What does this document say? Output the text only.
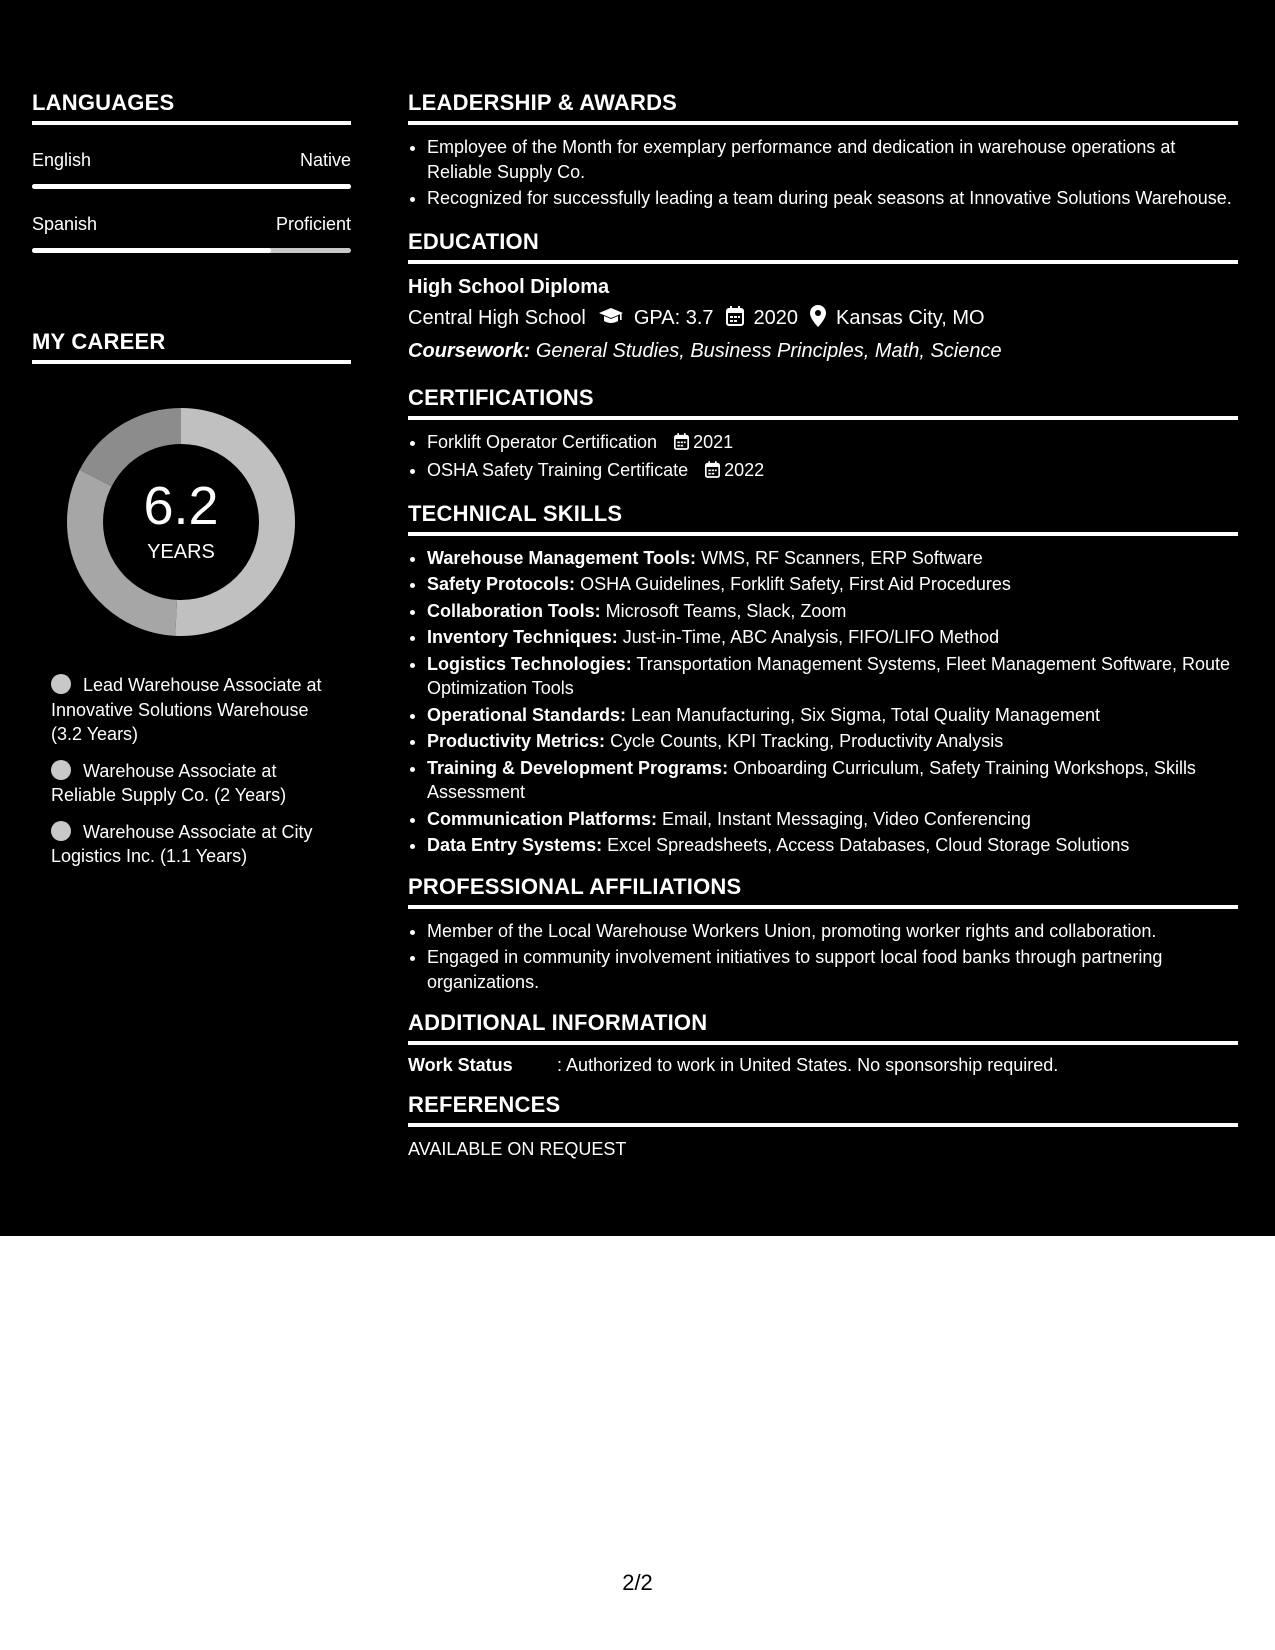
LANGUAGES
English	Native
Spanish	Proficient
MY CAREER
6.2
YEARS
Lead Warehouse Associate at Innovative Solutions Warehouse (3.2 Years)
Warehouse Associate at Reliable Supply Co. (2 Years)
Warehouse Associate at City Logistics Inc. (1.1 Years)
LEADERSHIP & AWARDS
• Employee of the Month for exemplary performance and dedication in warehouse operations at Reliable Supply Co.
• Recognized for successfully leading a team during peak seasons at Innovative Solutions Warehouse.
EDUCATION
High School Diploma
Central High School GPA: 3.7 2020 Kansas City, MO
Coursework: General Studies, Business Principles, Math, Science
CERTIFICATIONS
• Forklift Operator Certification 2021
• OSHA Safety Training Certificate 2022
TECHNICAL SKILLS
• Warehouse Management Tools: WMS, RF Scanners, ERP Software
• Safety Protocols: OSHA Guidelines, Forklift Safety, First Aid Procedures
• Collaboration Tools: Microsoft Teams, Slack, Zoom
• Inventory Techniques: Just-in-Time, ABC Analysis, FIFO/LIFO Method
• Logistics Technologies: Transportation Management Systems, Fleet Management Software, Route Optimization Tools
• Operational Standards: Lean Manufacturing, Six Sigma, Total Quality Management
• Productivity Metrics: Cycle Counts, KPI Tracking, Productivity Analysis
• Training & Development Programs: Onboarding Curriculum, Safety Training Workshops, Skills Assessment
• Communication Platforms: Email, Instant Messaging, Video Conferencing
• Data Entry Systems: Excel Spreadsheets, Access Databases, Cloud Storage Solutions
PROFESSIONAL AFFILIATIONS
• Member of the Local Warehouse Workers Union, promoting worker rights and collaboration.
• Engaged in community involvement initiatives to support local food banks through partnering organizations.
ADDITIONAL INFORMATION
Work Status	: Authorized to work in United States. No sponsorship required.
REFERENCES
AVAILABLE ON REQUEST
2/2
